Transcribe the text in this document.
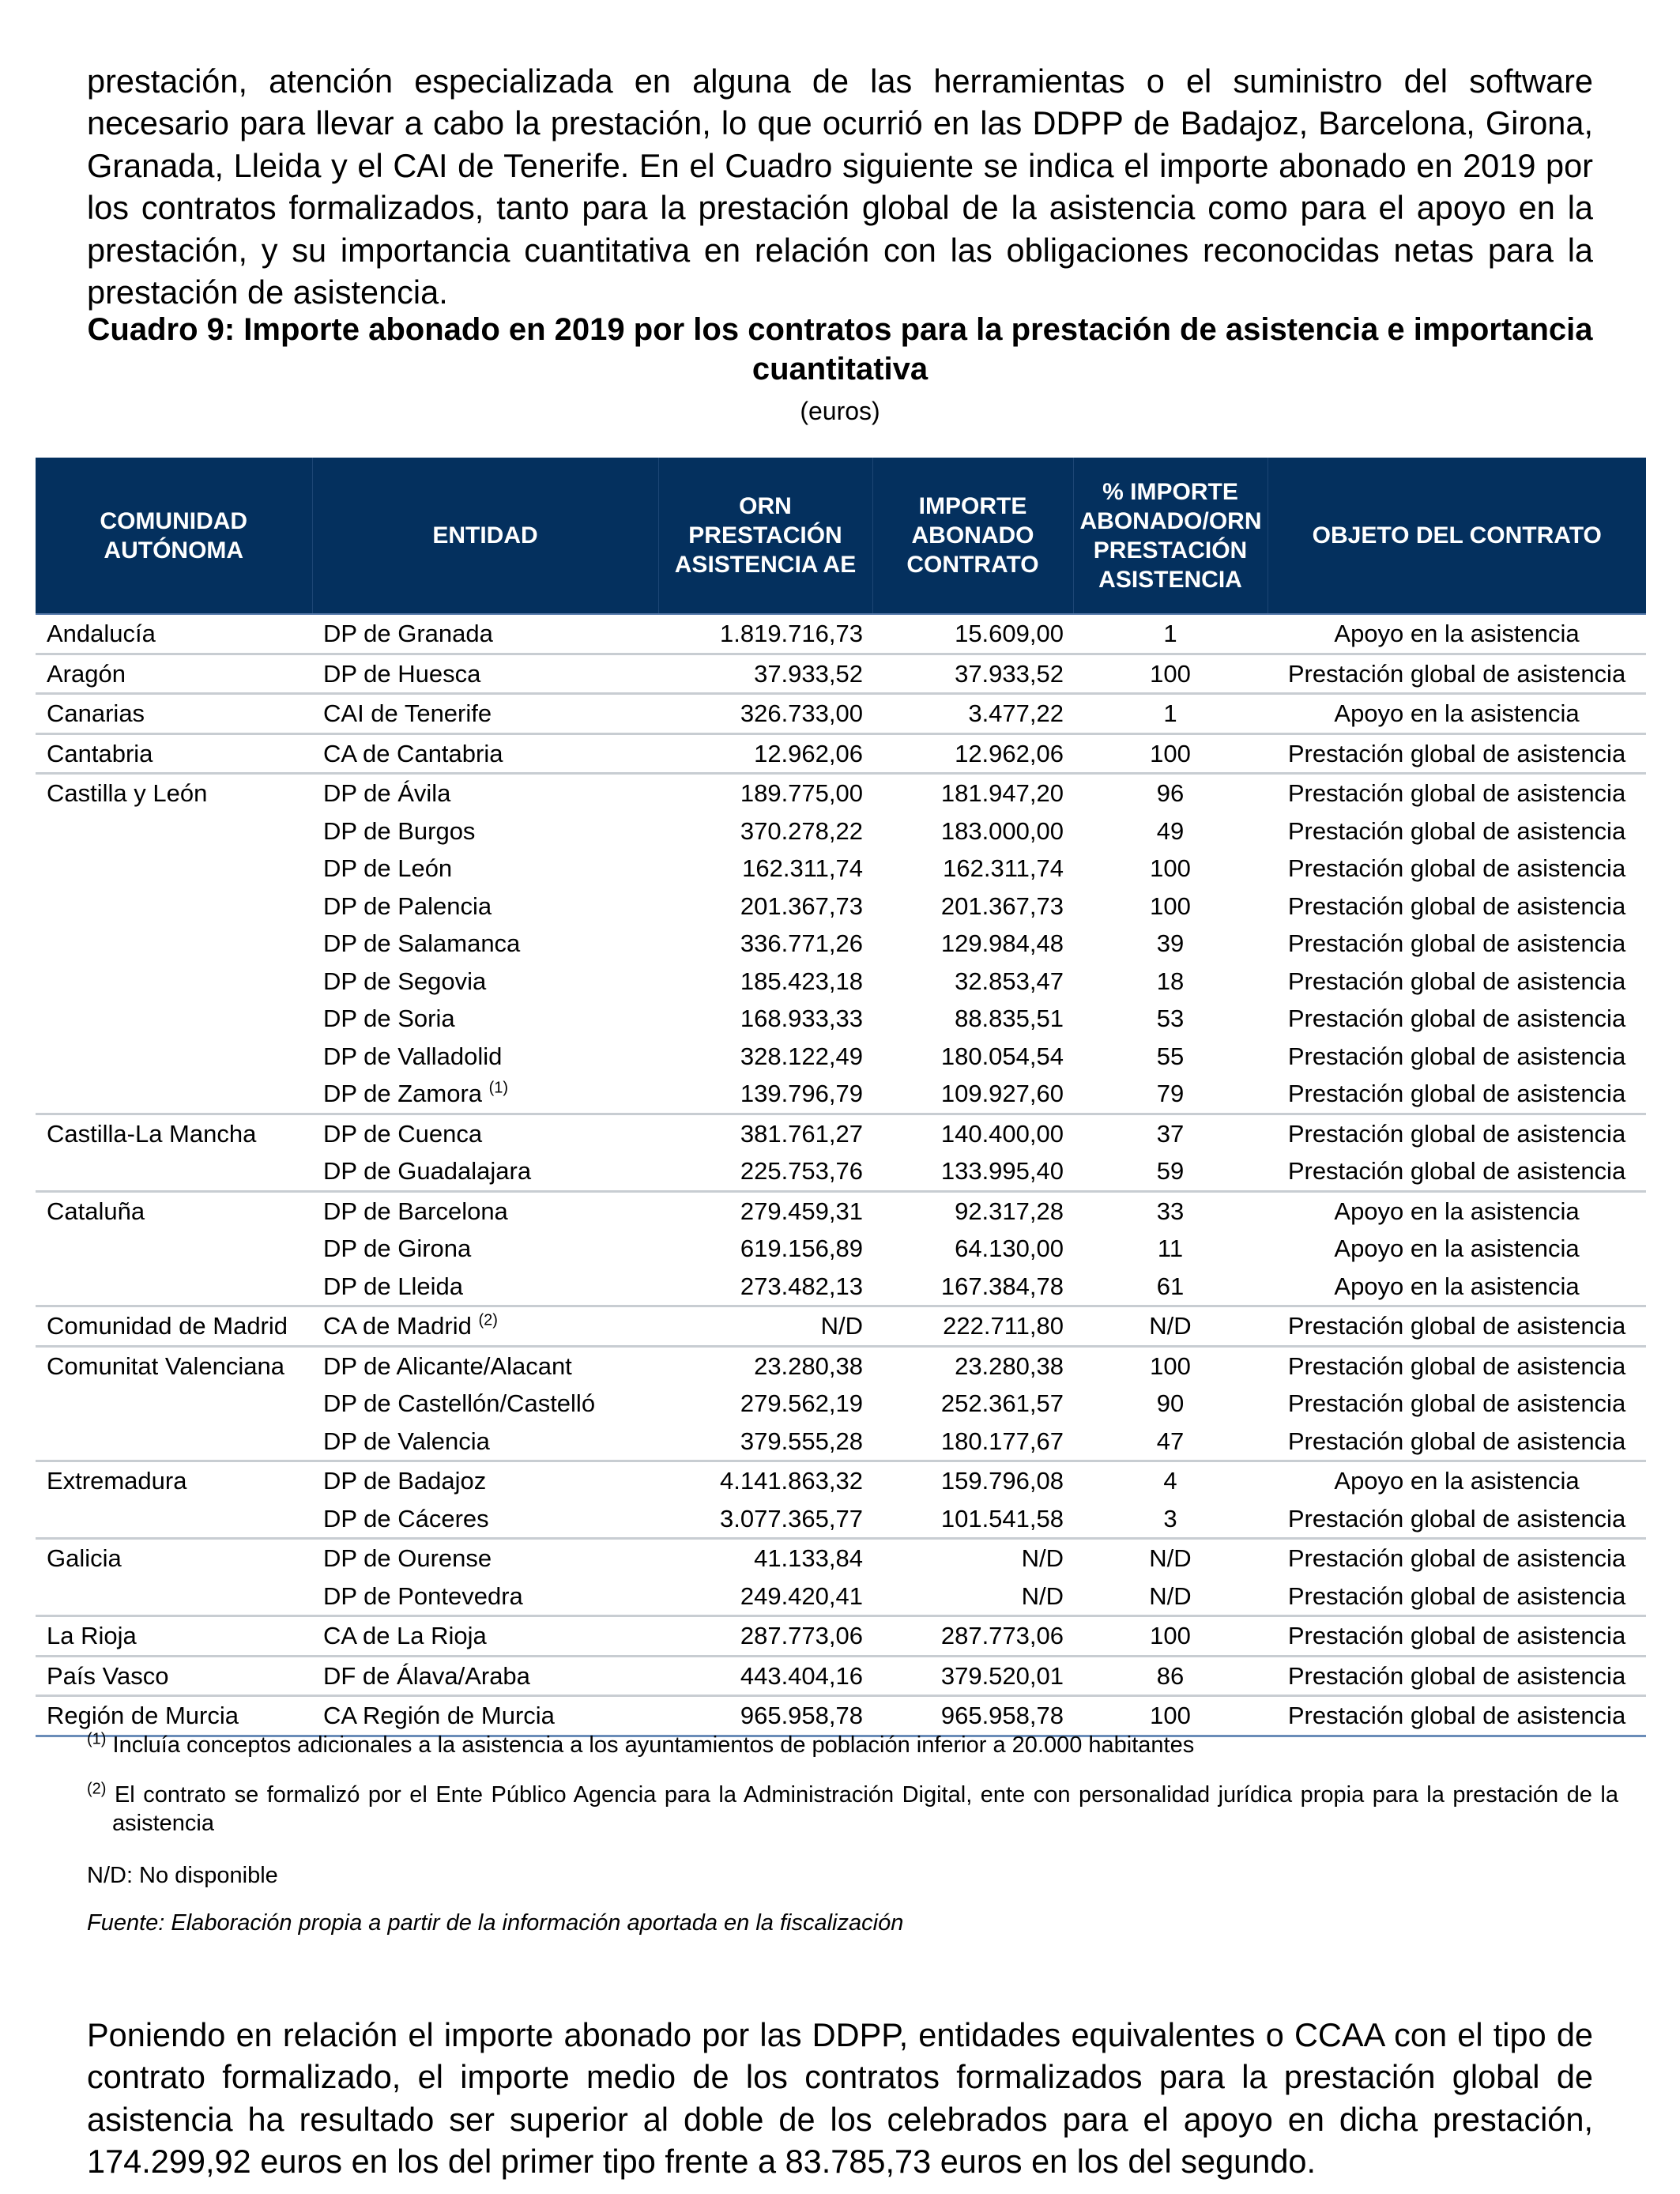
prestación, atención especializada en alguna de las herramientas o el suministro del software necesario para llevar a cabo la prestación, lo que ocurrió en las DDPP de Badajoz, Barcelona, Girona, Granada, Lleida y el CAI de Tenerife. En el Cuadro siguiente se indica el importe abonado en 2019 por los contratos formalizados, tanto para la prestación global de la asistencia como para el apoyo en la prestación, y su importancia cuantitativa en relación con las obligaciones reconocidas netas para la prestación de asistencia.

Cuadro 9: Importe abonado en 2019 por los contratos para la prestación de asistencia e importancia cuantitativa
(euros)
COMUNIDAD AUTÓNOMA	ENTIDAD	ORN PRESTACIÓN ASISTENCIA AE	IMPORTE ABONADO CONTRATO	% IMPORTE ABONADO/ORN PRESTACIÓN ASISTENCIA	OBJETO DEL CONTRATO
Andalucía	DP de Granada	1.819.716,73	15.609,00	1	Apoyo en la asistencia
Aragón	DP de Huesca	37.933,52	37.933,52	100	Prestación global de asistencia
Canarias	CAI de Tenerife	326.733,00	3.477,22	1	Apoyo en la asistencia
Cantabria	CA de Cantabria	12.962,06	12.962,06	100	Prestación global de asistencia
Castilla y León	DP de Ávila	189.775,00	181.947,20	96	Prestación global de asistencia
	DP de Burgos	370.278,22	183.000,00	49	Prestación global de asistencia
	DP de León	162.311,74	162.311,74	100	Prestación global de asistencia
	DP de Palencia	201.367,73	201.367,73	100	Prestación global de asistencia
	DP de Salamanca	336.771,26	129.984,48	39	Prestación global de asistencia
	DP de Segovia	185.423,18	32.853,47	18	Prestación global de asistencia
	DP de Soria	168.933,33	88.835,51	53	Prestación global de asistencia
	DP de Valladolid	328.122,49	180.054,54	55	Prestación global de asistencia
	DP de Zamora $^{(1)}$	139.796,79	109.927,60	79	Prestación global de asistencia
Castilla-La Mancha	DP de Cuenca	381.761,27	140.400,00	37	Prestación global de asistencia
	DP de Guadalajara	225.753,76	133.995,40	59	Prestación global de asistencia
Cataluña	DP de Barcelona	279.459,31	92.317,28	33	Apoyo en la asistencia
	DP de Girona	619.156,89	64.130,00	11	Apoyo en la asistencia
	DP de Lleida	273.482,13	167.384,78	61	Apoyo en la asistencia
Comunidad de Madrid	CA de Madrid $^{(2)}$	N/D	222.711,80	N/D	Prestación global de asistencia
Comunitat Valenciana	DP de Alicante/Alacant	23.280,38	23.280,38	100	Prestación global de asistencia
	DP de Castellón/Castelló	279.562,19	252.361,57	90	Prestación global de asistencia
	DP de Valencia	379.555,28	180.177,67	47	Prestación global de asistencia
Extremadura	DP de Badajoz	4.141.863,32	159.796,08	4	Apoyo en la asistencia
	DP de Cáceres	3.077.365,77	101.541,58	3	Prestación global de asistencia
Galicia	DP de Ourense	41.133,84	N/D	N/D	Prestación global de asistencia
	DP de Pontevedra	249.420,41	N/D	N/D	Prestación global de asistencia
La Rioja	CA de La Rioja	287.773,06	287.773,06	100	Prestación global de asistencia
País Vasco	DF de Álava/Araba	443.404,16	379.520,01	86	Prestación global de asistencia
Región de Murcia	CA Región de Murcia	965.958,78	965.958,78	100	Prestación global de asistencia
$^{(1)}$ Incluía conceptos adicionales a la asistencia a los ayuntamientos de población inferior a 20.000 habitantes
$^{(2)}$ El contrato se formalizó por el Ente Público Agencia para la Administración Digital, ente con personalidad jurídica propia para la prestación de la asistencia
N/D: No disponible
Fuente: Elaboración propia a partir de la información aportada en la fiscalización

Poniendo en relación el importe abonado por las DDPP, entidades equivalentes o CCAA con el tipo de contrato formalizado, el importe medio de los contratos formalizados para la prestación global de asistencia ha resultado ser superior al doble de los celebrados para el apoyo en dicha prestación, 174.299,92 euros en los del primer tipo frente a 83.785,73 euros en los del segundo.
